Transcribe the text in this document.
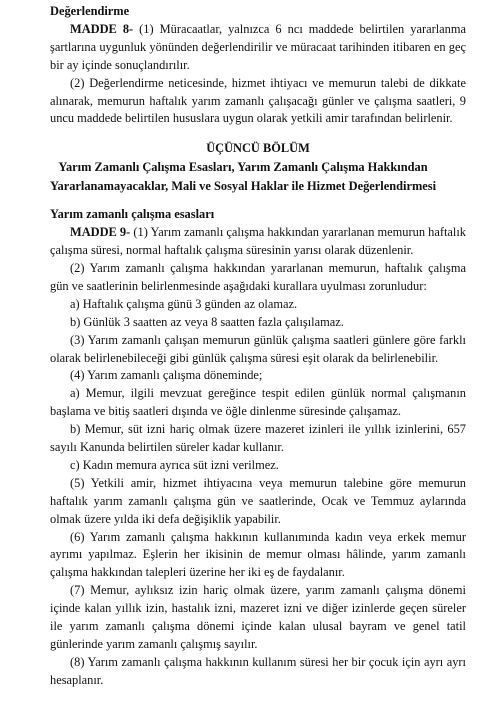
Değerlendirme

MADDE 8- (1) Müracaatlar, yalnızca 6 ncı maddede belirtilen yararlanma şartlarına uygunluk yönünden değerlendirilir ve müracaat tarihinden itibaren en geç bir ay içinde sonuçlandırılır.

(2) Değerlendirme neticesinde, hizmet ihtiyacı ve memurun talebi de dikkate alınarak, memurun haftalık yarım zamanlı çalışacağı günler ve çalışma saatleri, 9 uncu maddede belirtilen hususlara uygun olarak yetkili amir tarafından belirlenir.

ÜÇÜNCÜ BÖLÜM

Yarım Zamanlı Çalışma Esasları, Yarım Zamanlı Çalışma Hakkından

Yararlanamayacaklar, Mali ve Sosyal Haklar ile Hizmet Değerlendirmesi

Yarım zamanlı çalışma esasları

MADDE 9- (1) Yarım zamanlı çalışma hakkından yararlanan memurun haftalık çalışma süresi, normal haftalık çalışma süresinin yarısı olarak düzenlenir.

(2) Yarım zamanlı çalışma hakkından yararlanan memurun, haftalık çalışma gün ve saatlerinin belirlenmesinde aşağıdaki kurallara uyulması zorunludur:

a) Haftalık çalışma günü 3 günden az olamaz.

b) Günlük 3 saatten az veya 8 saatten fazla çalışılamaz.

(3) Yarım zamanlı çalışan memurun günlük çalışma saatleri günlere göre farklı olarak belirlenebileceği gibi günlük çalışma süresi eşit olarak da belirlenebilir.

(4) Yarım zamanlı çalışma döneminde;

a) Memur, ilgili mevzuat gereğince tespit edilen günlük normal çalışmanın başlama ve bitiş saatleri dışında ve öğle dinlenme süresinde çalışamaz.

b) Memur, süt izni hariç olmak üzere mazeret izinleri ile yıllık izinlerini, 657 sayılı Kanunda belirtilen süreler kadar kullanır.

c) Kadın memura ayrıca süt izni verilmez.

(5) Yetkili amir, hizmet ihtiyacına veya memurun talebine göre memurun haftalık yarım zamanlı çalışma gün ve saatlerinde, Ocak ve Temmuz aylarında olmak üzere yılda iki defa değişiklik yapabilir.

(6) Yarım zamanlı çalışma hakkının kullanımında kadın veya erkek memur ayrımı yapılmaz. Eşlerin her ikisinin de memur olması hâlinde, yarım zamanlı çalışma hakkından talepleri üzerine her iki eş de faydalanır.

(7) Memur, aylıksız izin hariç olmak üzere, yarım zamanlı çalışma dönemi içinde kalan yıllık izin, hastalık izni, mazeret izni ve diğer izinlerde geçen süreler ile yarım zamanlı çalışma dönemi içinde kalan ulusal bayram ve genel tatil günlerinde yarım zamanlı çalışmış sayılır.

(8) Yarım zamanlı çalışma hakkının kullanım süresi her bir çocuk için ayrı ayrı hesaplanır.
